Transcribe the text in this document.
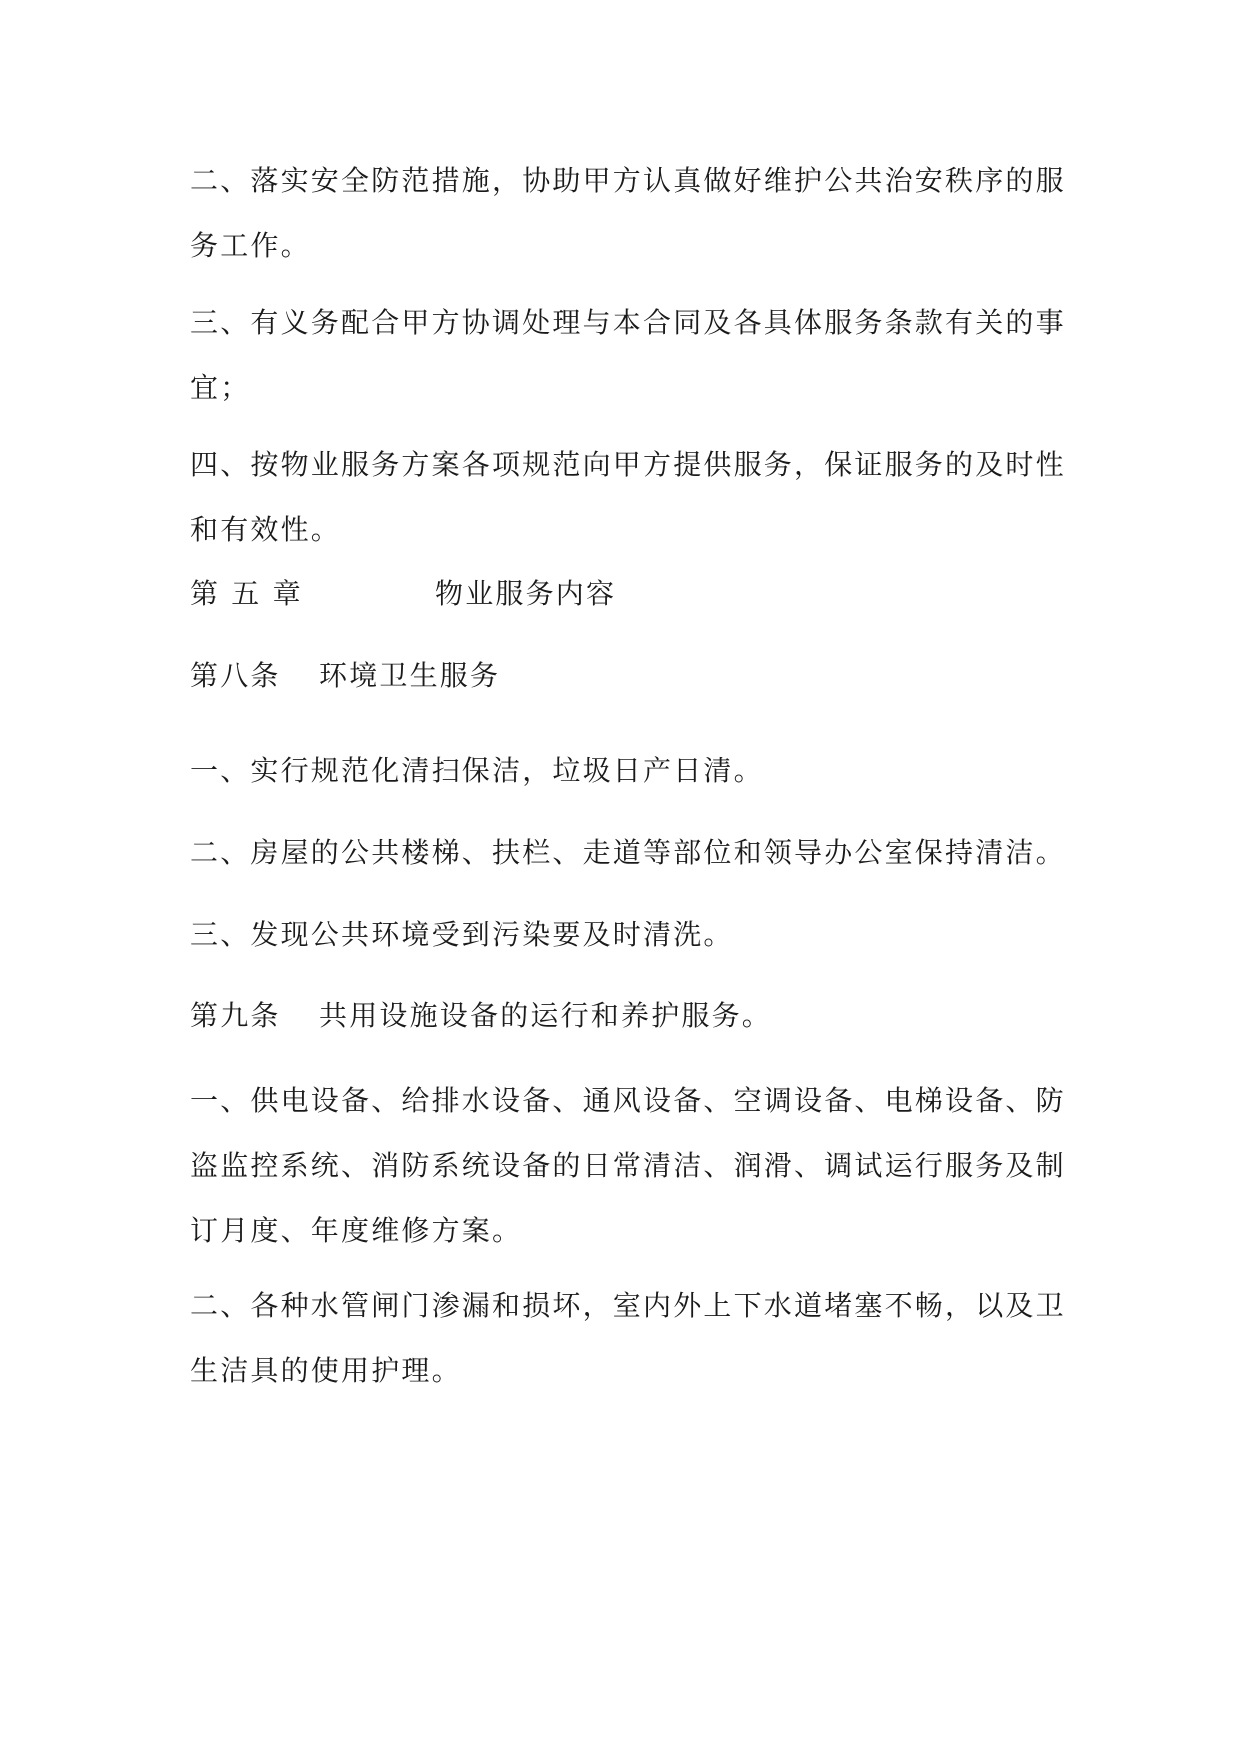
二、落实安全防范措施，协助甲方认真做好维护公共治安秩序的服
务工作。

三、有义务配合甲方协调处理与本合同及各具体服务条款有关的事
宜；

四、按物业服务方案各项规范向甲方提供服务，保证服务的及时性
和有效性。

第 五 章	物业服务内容
第八条 环境卫生服务

一、实行规范化清扫保洁，垃圾日产日清。

二、房屋的公共楼梯、扶栏、走道等部位和领导办公室保持清洁。

三、发现公共环境受到污染要及时清洗。

第九条 共用设施设备的运行和养护服务。

一、供电设备、给排水设备、通风设备、空调设备、电梯设备、防
盗监控系统、消防系统设备的日常清洁、润滑、调试运行服务及制
订月度、年度维修方案。

二、各种水管闸门渗漏和损坏，室内外上下水道堵塞不畅，以及卫
生洁具的使用护理。
